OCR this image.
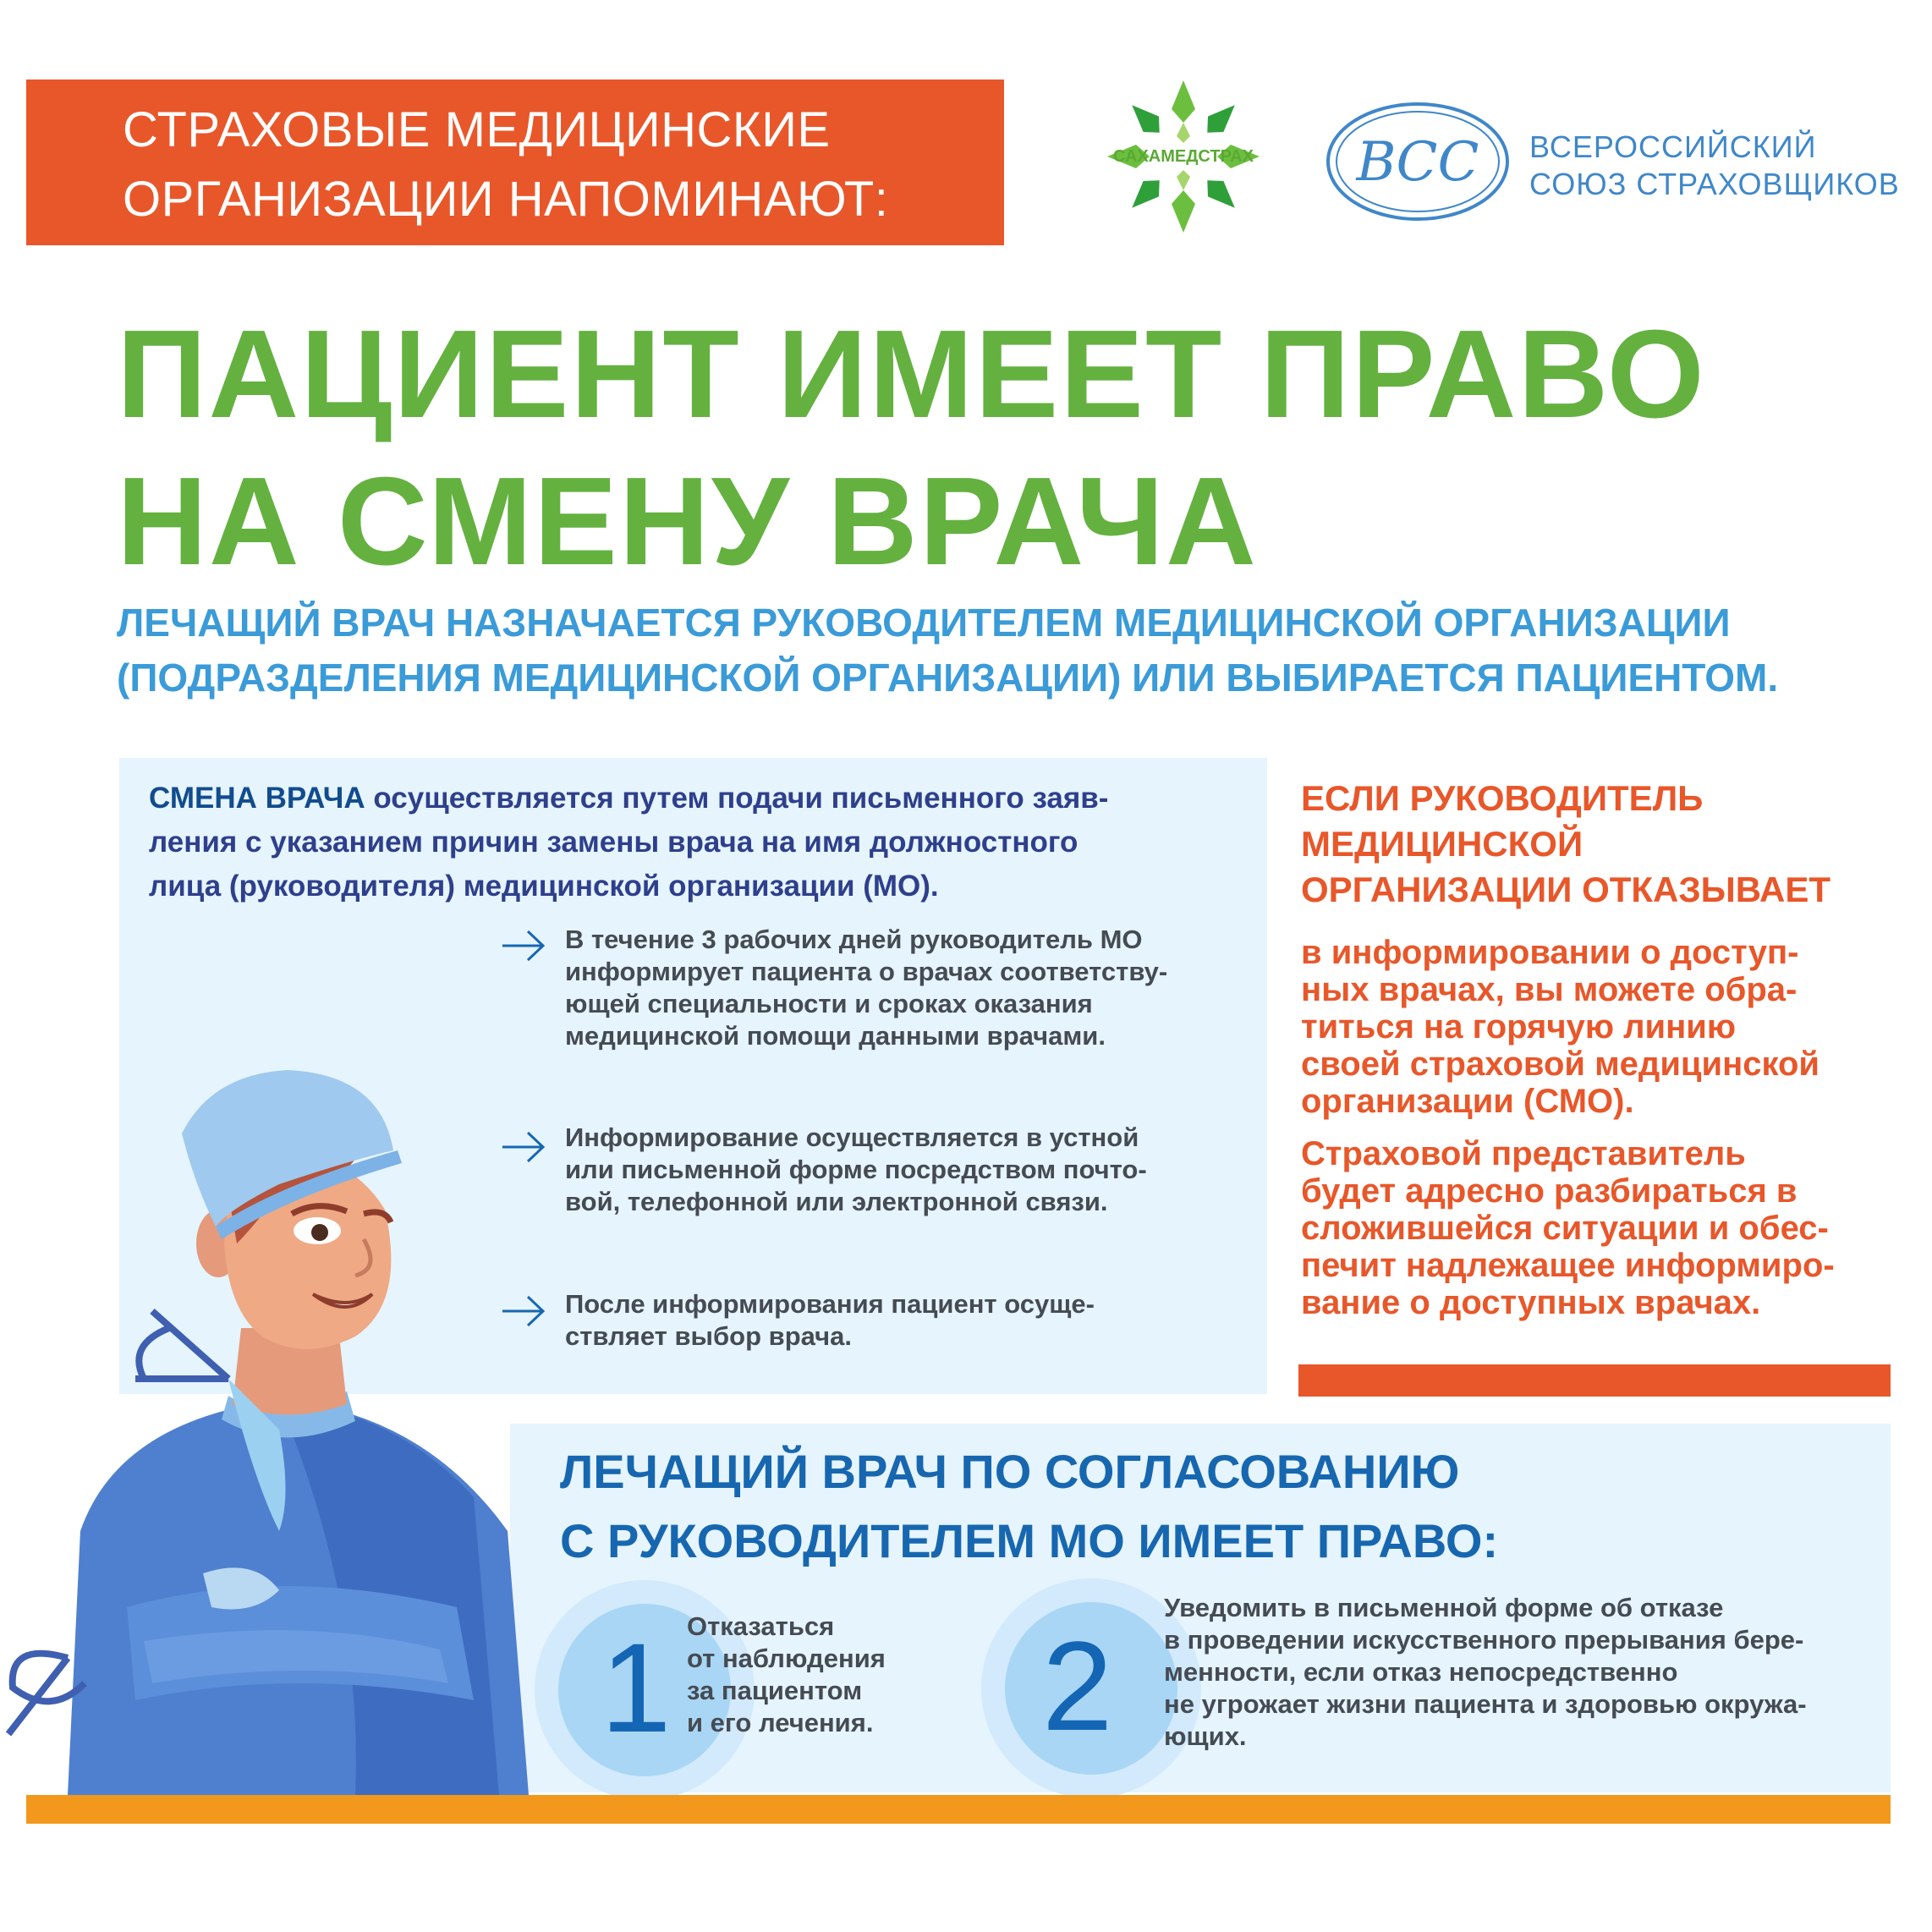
СТРАХОВЫЕ МЕДИЦИНСКИЕ
ОРГАНИЗАЦИИ НАПОМИНАЮТ:
САХАМЕДСТРАХ	ВСС ВСЕРОССИЙСКИЙ
СОЮЗ СТРАХОВЩИКОВ
ПАЦИЕНТ ИМЕЕТ ПРАВО
НА СМЕНУ ВРАЧА
ЛЕЧАЩИЙ ВРАЧ НАЗНАЧАЕТСЯ РУКОВОДИТЕЛЕМ МЕДИЦИНСКОЙ ОРГАНИЗАЦИИ
(ПОДРАЗДЕЛЕНИЯ МЕДИЦИНСКОЙ ОРГАНИЗАЦИИ) ИЛИ ВЫБИРАЕТСЯ ПАЦИЕНТОМ.
СМЕНА ВРАЧА осуществляется путем подачи письменного заяв-
ления с указанием причин замены врача на имя должностного
лица (руководителя) медицинской организации (МО).
В течение 3 рабочих дней руководитель МО
информирует пациента о врачах соответству-
ющей специальности и сроках оказания
медицинской помощи данными врачами.
Информирование осуществляется в устной
или письменной форме посредством почто-
вой, телефонной или электронной связи.
После информирования пациент осуще-
ствляет выбор врача.
ЕСЛИ РУКОВОДИТЕЛЬ
МЕДИЦИНСКОЙ
ОРГАНИЗАЦИИ ОТКАЗЫВАЕТ
в информировании о доступ-
ных врачах, вы можете обра-
титься на горячую линию
своей страховой медицинской
организации (СМО).
Страховой представитель
будет адресно разбираться в
сложившейся ситуации и обес-
печит надлежащее информиро-
вание о доступных врачах.
ЛЕЧАЩИЙ ВРАЧ ПО СОГЛАСОВАНИЮ
С РУКОВОДИТЕЛЕМ МО ИМЕЕТ ПРАВО:
1 Отказаться
от наблюдения
за пациентом
и его лечения. 2
Уведомить в письменной форме об отказе
в проведении искусственного прерывания бере-
менности, если отказ непосредственно
не угрожает жизни пациента и здоровью окружа-
ющих.
